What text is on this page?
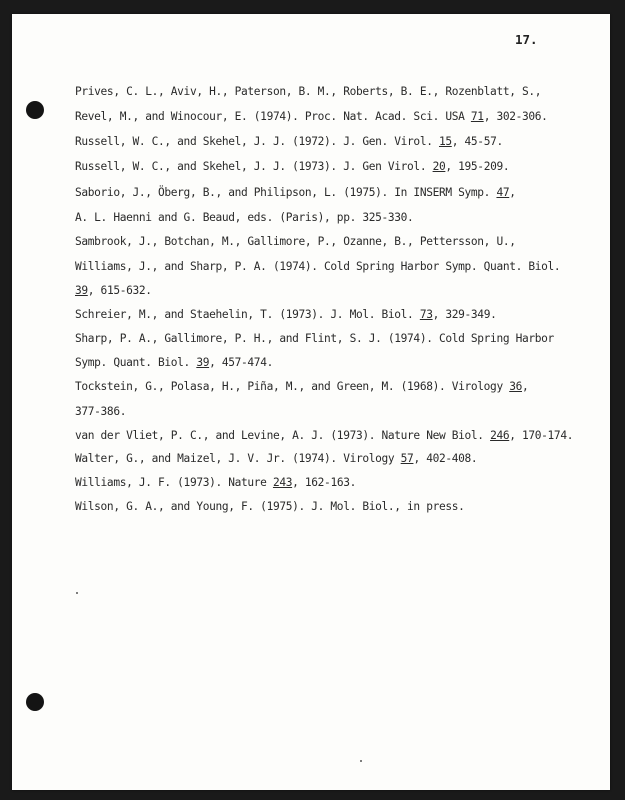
17.
Prives, C. L., Aviv, H., Paterson, B. M., Roberts, B. E., Rozenblatt, S.,
Revel, M., and Winocour, E. (1974). Proc. Nat. Acad. Sci. USA 71, 302-306.
Russell, W. C., and Skehel, J. J. (1972). J. Gen. Virol. 15, 45-57.
Russell, W. C., and Skehel, J. J. (1973). J. Gen Virol. 20, 195-209.
Saborio, J., Öberg, B., and Philipson, L. (1975). In INSERM Symp. 47,
A. L. Haenni and G. Beaud, eds. (Paris), pp. 325-330.
Sambrook, J., Botchan, M., Gallimore, P., Ozanne, B., Pettersson, U.,
Williams, J., and Sharp, P. A. (1974). Cold Spring Harbor Symp. Quant. Biol.
39, 615-632.
Schreier, M., and Staehelin, T. (1973). J. Mol. Biol. 73, 329-349.
Sharp, P. A., Gallimore, P. H., and Flint, S. J. (1974). Cold Spring Harbor
Symp. Quant. Biol. 39, 457-474.
Tockstein, G., Polasa, H., Piña, M., and Green, M. (1968). Virology 36,
377-386.
van der Vliet, P. C., and Levine, A. J. (1973). Nature New Biol. 246, 170-174.
Walter, G., and Maizel, J. V. Jr. (1974). Virology 57, 402-408.
Williams, J. F. (1973). Nature 243, 162-163.
Wilson, G. A., and Young, F. (1975). J. Mol. Biol., in press.
